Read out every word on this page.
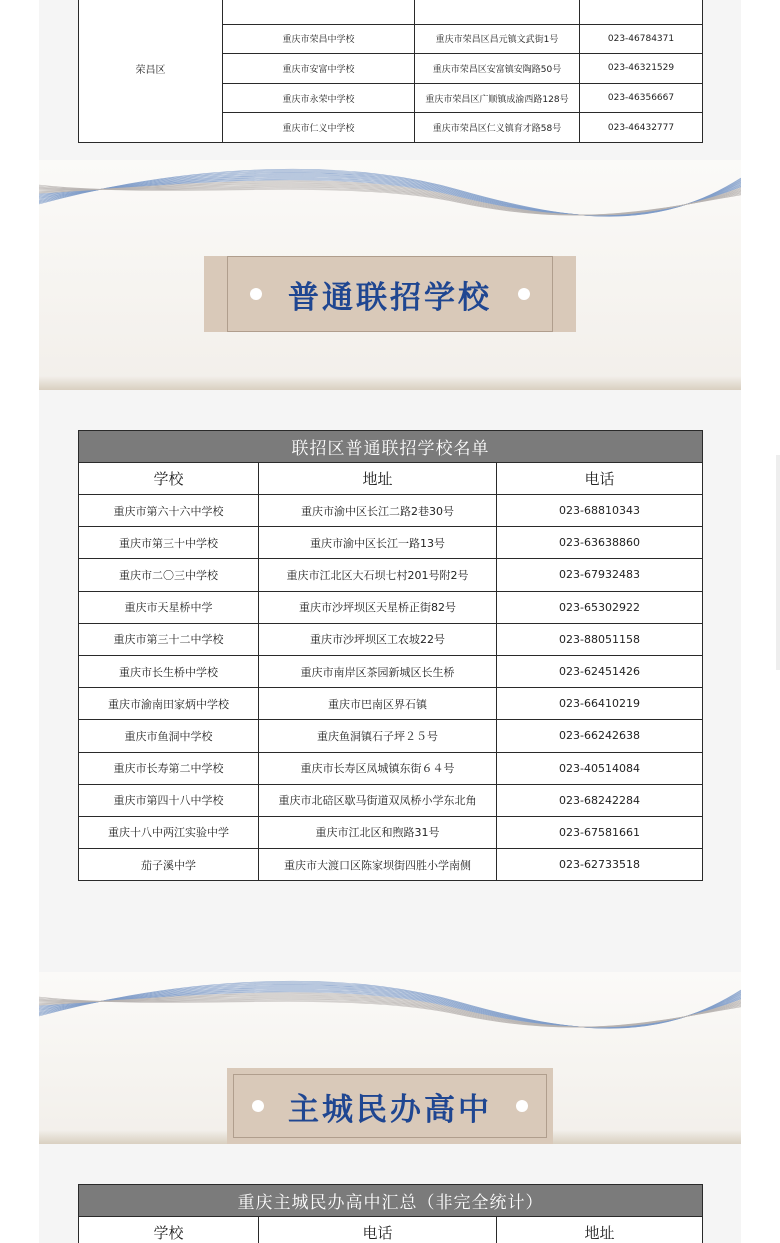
荣昌区			
	重庆市荣昌中学校	重庆市荣昌区昌元镇文武街1号	023-46784371
	重庆市安富中学校	重庆市荣昌区安富镇安陶路50号	023-46321529
	重庆市永荣中学校	重庆市荣昌区广顺镇成渝西路128号	023-46356667
	重庆市仁义中学校	重庆市荣昌区仁义镇育才路58号	023-46432777
普通联招学校
联招区普通联招学校名单		
学校	地址	电话
重庆市第六十六中学校	重庆市渝中区长江二路2巷30号	023-68810343
重庆市第三十中学校	重庆市渝中区长江一路13号	023-63638860
重庆市二〇三中学校	重庆市江北区大石坝七村201号附2号	023-67932483
重庆市天星桥中学	重庆市沙坪坝区天星桥正街82号	023-65302922
重庆市第三十二中学校	重庆市沙坪坝区工农坡22号	023-88051158
重庆市长生桥中学校	重庆市南岸区茶园新城区长生桥	023-62451426
重庆市渝南田家炳中学校	重庆市巴南区界石镇	023-66410219
重庆市鱼洞中学校	重庆鱼洞镇石子坪２５号	023-66242638
重庆市长寿第二中学校	重庆市长寿区凤城镇东街６４号	023-40514084
重庆市第四十八中学校	重庆市北碚区歇马街道双凤桥小学东北角	023-68242284
重庆十八中两江实验中学	重庆市江北区和煦路31号	023-67581661
茄子溪中学	重庆市大渡口区陈家坝街四胜小学南侧	023-62733518
主城民办高中
重庆主城民办高中汇总（非完全统计）
学校	电话	地址
